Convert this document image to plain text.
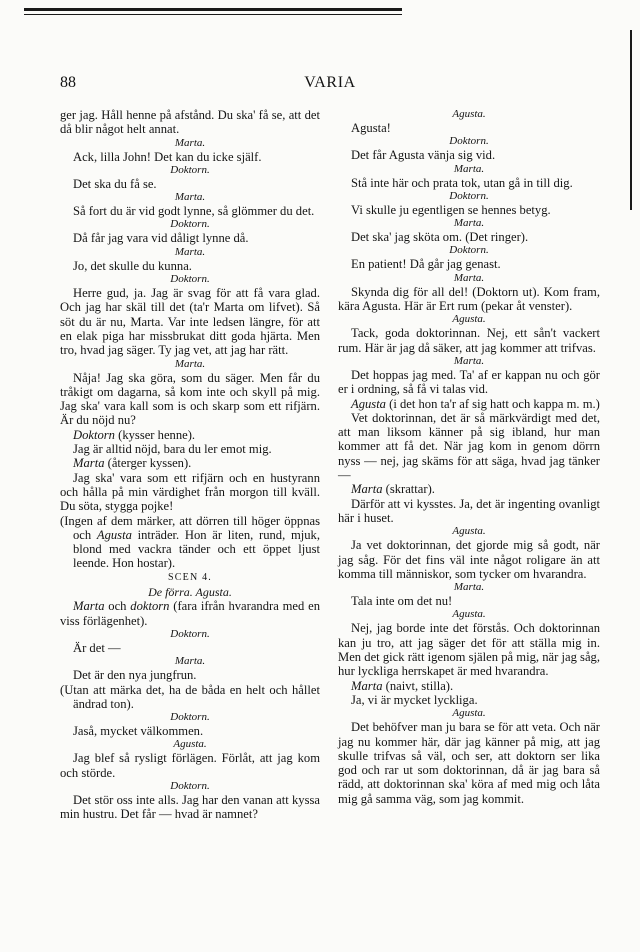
88	VARIA

ger jag. Håll henne på afstånd. Du ska' få se, att det då blir något helt annat.

Marta.

Ack, lilla John! Det kan du icke själf.

Doktorn.

Det ska du få se.

Marta.

Så fort du är vid godt lynne, så glömmer du det.

Doktorn.

Då får jag vara vid dåligt lynne då.

Marta.

Jo, det skulle du kunna.

Doktorn.

Herre gud, ja. Jag är svag för att få vara glad. Och jag har skäl till det (ta'r Marta om lifvet). Så söt du är nu, Marta. Var inte ledsen längre, för att en elak piga har missbrukat ditt goda hjärta. Men tro, hvad jag säger. Ty jag vet, att jag har rätt.

Marta.

Nåja! Jag ska göra, som du säger. Men får du tråkigt om dagarna, så kom inte och skyll på mig. Jag ska' vara kall som is och skarp som ett rifjärn. Är du nöjd nu?

Doktorn (kysser henne).

Jag är alltid nöjd, bara du ler emot mig.

Marta (återger kyssen).

Jag ska' vara som ett rifjärn och en hustyrann och hålla på min värdighet från morgon till kväll. Du söta, stygga pojke!

(Ingen af dem märker, att dörren till höger öppnas och Agusta inträder. Hon är liten, rund, mjuk, blond med vackra tänder och ett öppet ljust leende. Hon hostar).

SCEN 4.

De förra. Agusta.

Marta och doktorn (fara ifrån hvarandra med en viss förlägenhet).

Doktorn.

Är det —

Marta.

Det är den nya jungfrun.

(Utan att märka det, ha de båda en helt och hållet ändrad ton).

Doktorn.

Jaså, mycket välkommen.

Agusta.

Jag blef så rysligt förlägen. Förlåt, att jag kom och störde.

Doktorn.

Det stör oss inte alls. Jag har den vanan att kyssa min hustru. Det får — hvad är namnet?

Agusta.

Agusta!

Doktorn.

Det får Agusta vänja sig vid.

Marta.

Stå inte här och prata tok, utan gå in till dig.

Doktorn.

Vi skulle ju egentligen se hennes betyg.

Marta.

Det ska' jag sköta om. (Det ringer).

Doktorn.

En patient! Då går jag genast.

Marta.

Skynda dig för all del! (Doktorn ut). Kom fram, kära Agusta. Här är Ert rum (pekar åt venster).

Agusta.

Tack, goda doktorinnan. Nej, ett sån't vackert rum. Här är jag då säker, att jag kommer att trifvas.

Marta.

Det hoppas jag med. Ta' af er kappan nu och gör er i ordning, så få vi talas vid.

Agusta (i det hon ta'r af sig hatt och kappa m. m.)

Vet doktorinnan, det är så märkvärdigt med det, att man liksom känner på sig ibland, hur man kommer att få det. När jag kom in genom dörrn nyss — nej, jag skäms för att säga, hvad jag tänker —

Marta (skrattar).

Därför att vi kysstes. Ja, det är ingenting ovanligt här i huset.

Agusta.

Ja vet doktorinnan, det gjorde mig så godt, när jag såg. För det fins väl inte något roligare än att komma till människor, som tycker om hvarandra.

Marta.

Tala inte om det nu!

Agusta.

Nej, jag borde inte det förstås. Och doktorinnan kan ju tro, att jag säger det för att ställa mig in. Men det gick rätt igenom själen på mig, när jag såg, hur lyckliga herrskapet är med hvarandra.

Marta (naivt, stilla).

Ja, vi är mycket lyckliga.

Agusta.

Det behöfver man ju bara se för att veta. Och när jag nu kommer här, där jag känner på mig, att jag skulle trifvas så väl, och ser, att doktorn ser lika god och rar ut som doktorinnan, då är jag bara så rädd, att doktorinnan ska' köra af med mig och låta mig gå samma väg, som jag kommit.
